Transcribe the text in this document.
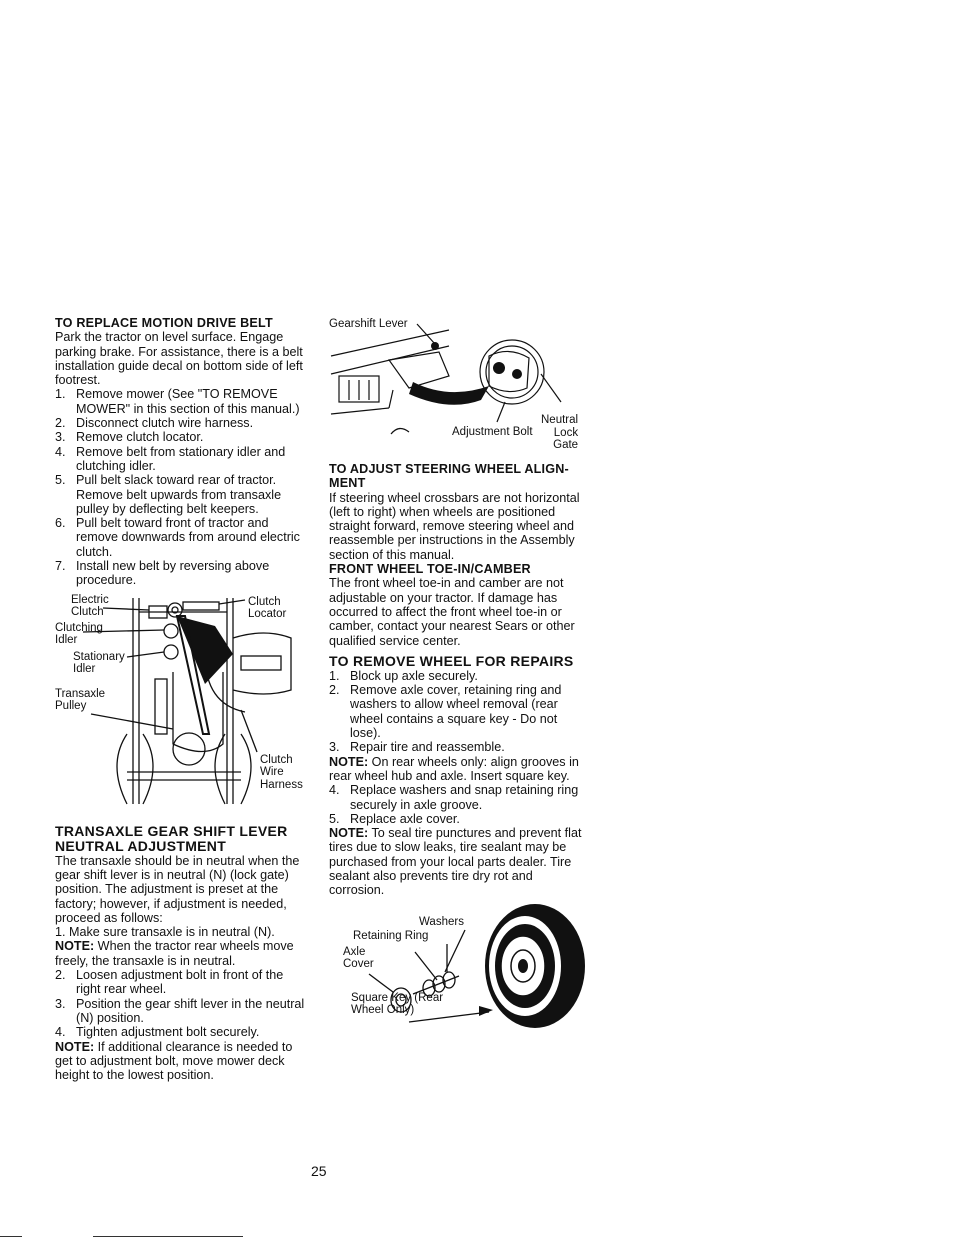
TO REPLACE MOTION DRIVE BELT

Park the tractor on level surface. Engage parking brake. For assistance, there is a belt installation guide decal on bottom side of left footrest.

1. Remove mower (See "TO REMOVE MOWER" in this section of this manual.)
2. Disconnect clutch wire harness.
3. Remove clutch locator.
4. Remove belt from stationary idler and clutching idler.
5. Pull belt slack toward rear of tractor. Remove belt upwards from transaxle pulley by deflecting belt keepers.
6. Pull belt toward front of tractor and remove downwards from around electric clutch.
7. Install new belt by reversing above procedure.
Electric
Clutch
Clutching
Idler
Stationary
Idler
Transaxle
Pulley
Clutch
Locator
Clutch
Wire
Harness
TRANSAXLE GEAR SHIFT LEVER NEUTRAL ADJUSTMENT

The transaxle should be in neutral when the gear shift lever is in neutral (N) (lock gate) position. The adjustment is preset at the factory; however, if adjustment is needed, proceed as follows:

1. Make sure transaxle is in neutral (N).

NOTE: When the tractor rear wheels move freely, the transaxle is in neutral.

2. Loosen adjustment bolt in front of the right rear wheel.
3. Position the gear shift lever in the neutral (N) position.
4. Tighten adjustment bolt securely.

NOTE: If additional clearance is needed to get to adjustment bolt, move mower deck height to the lowest position.

Gearshift Lever
Adjustment Bolt
Neutral
Lock
Gate
TO ADJUST STEERING WHEEL ALIGN-MENT

If steering wheel crossbars are not horizontal (left to right) when wheels are positioned straight forward, remove steering wheel and reassemble per instructions in the Assembly section of this manual.

FRONT WHEEL TOE-IN/CAMBER

The front wheel toe-in and camber are not adjustable on your tractor. If damage has occurred to affect the front wheel toe-in or camber, contact your nearest Sears or other qualified service center.

TO REMOVE WHEEL FOR REPAIRS
1. Block up axle securely.
2. Remove axle cover, retaining ring and washers to allow wheel removal (rear wheel contains a square key - Do not lose).
3. Repair tire and reassemble.

NOTE: On rear wheels only: align grooves in rear wheel hub and axle. Insert square key.

4. Replace washers and snap retaining ring securely in axle groove.
5. Replace axle cover.

NOTE: To seal tire punctures and prevent flat tires due to slow leaks, tire sealant may be purchased from your local parts dealer. Tire sealant also prevents tire dry rot and corrosion.

Washers
Retaining Ring
Axle
Cover
Square Key (Rear
Wheel Only)
25
